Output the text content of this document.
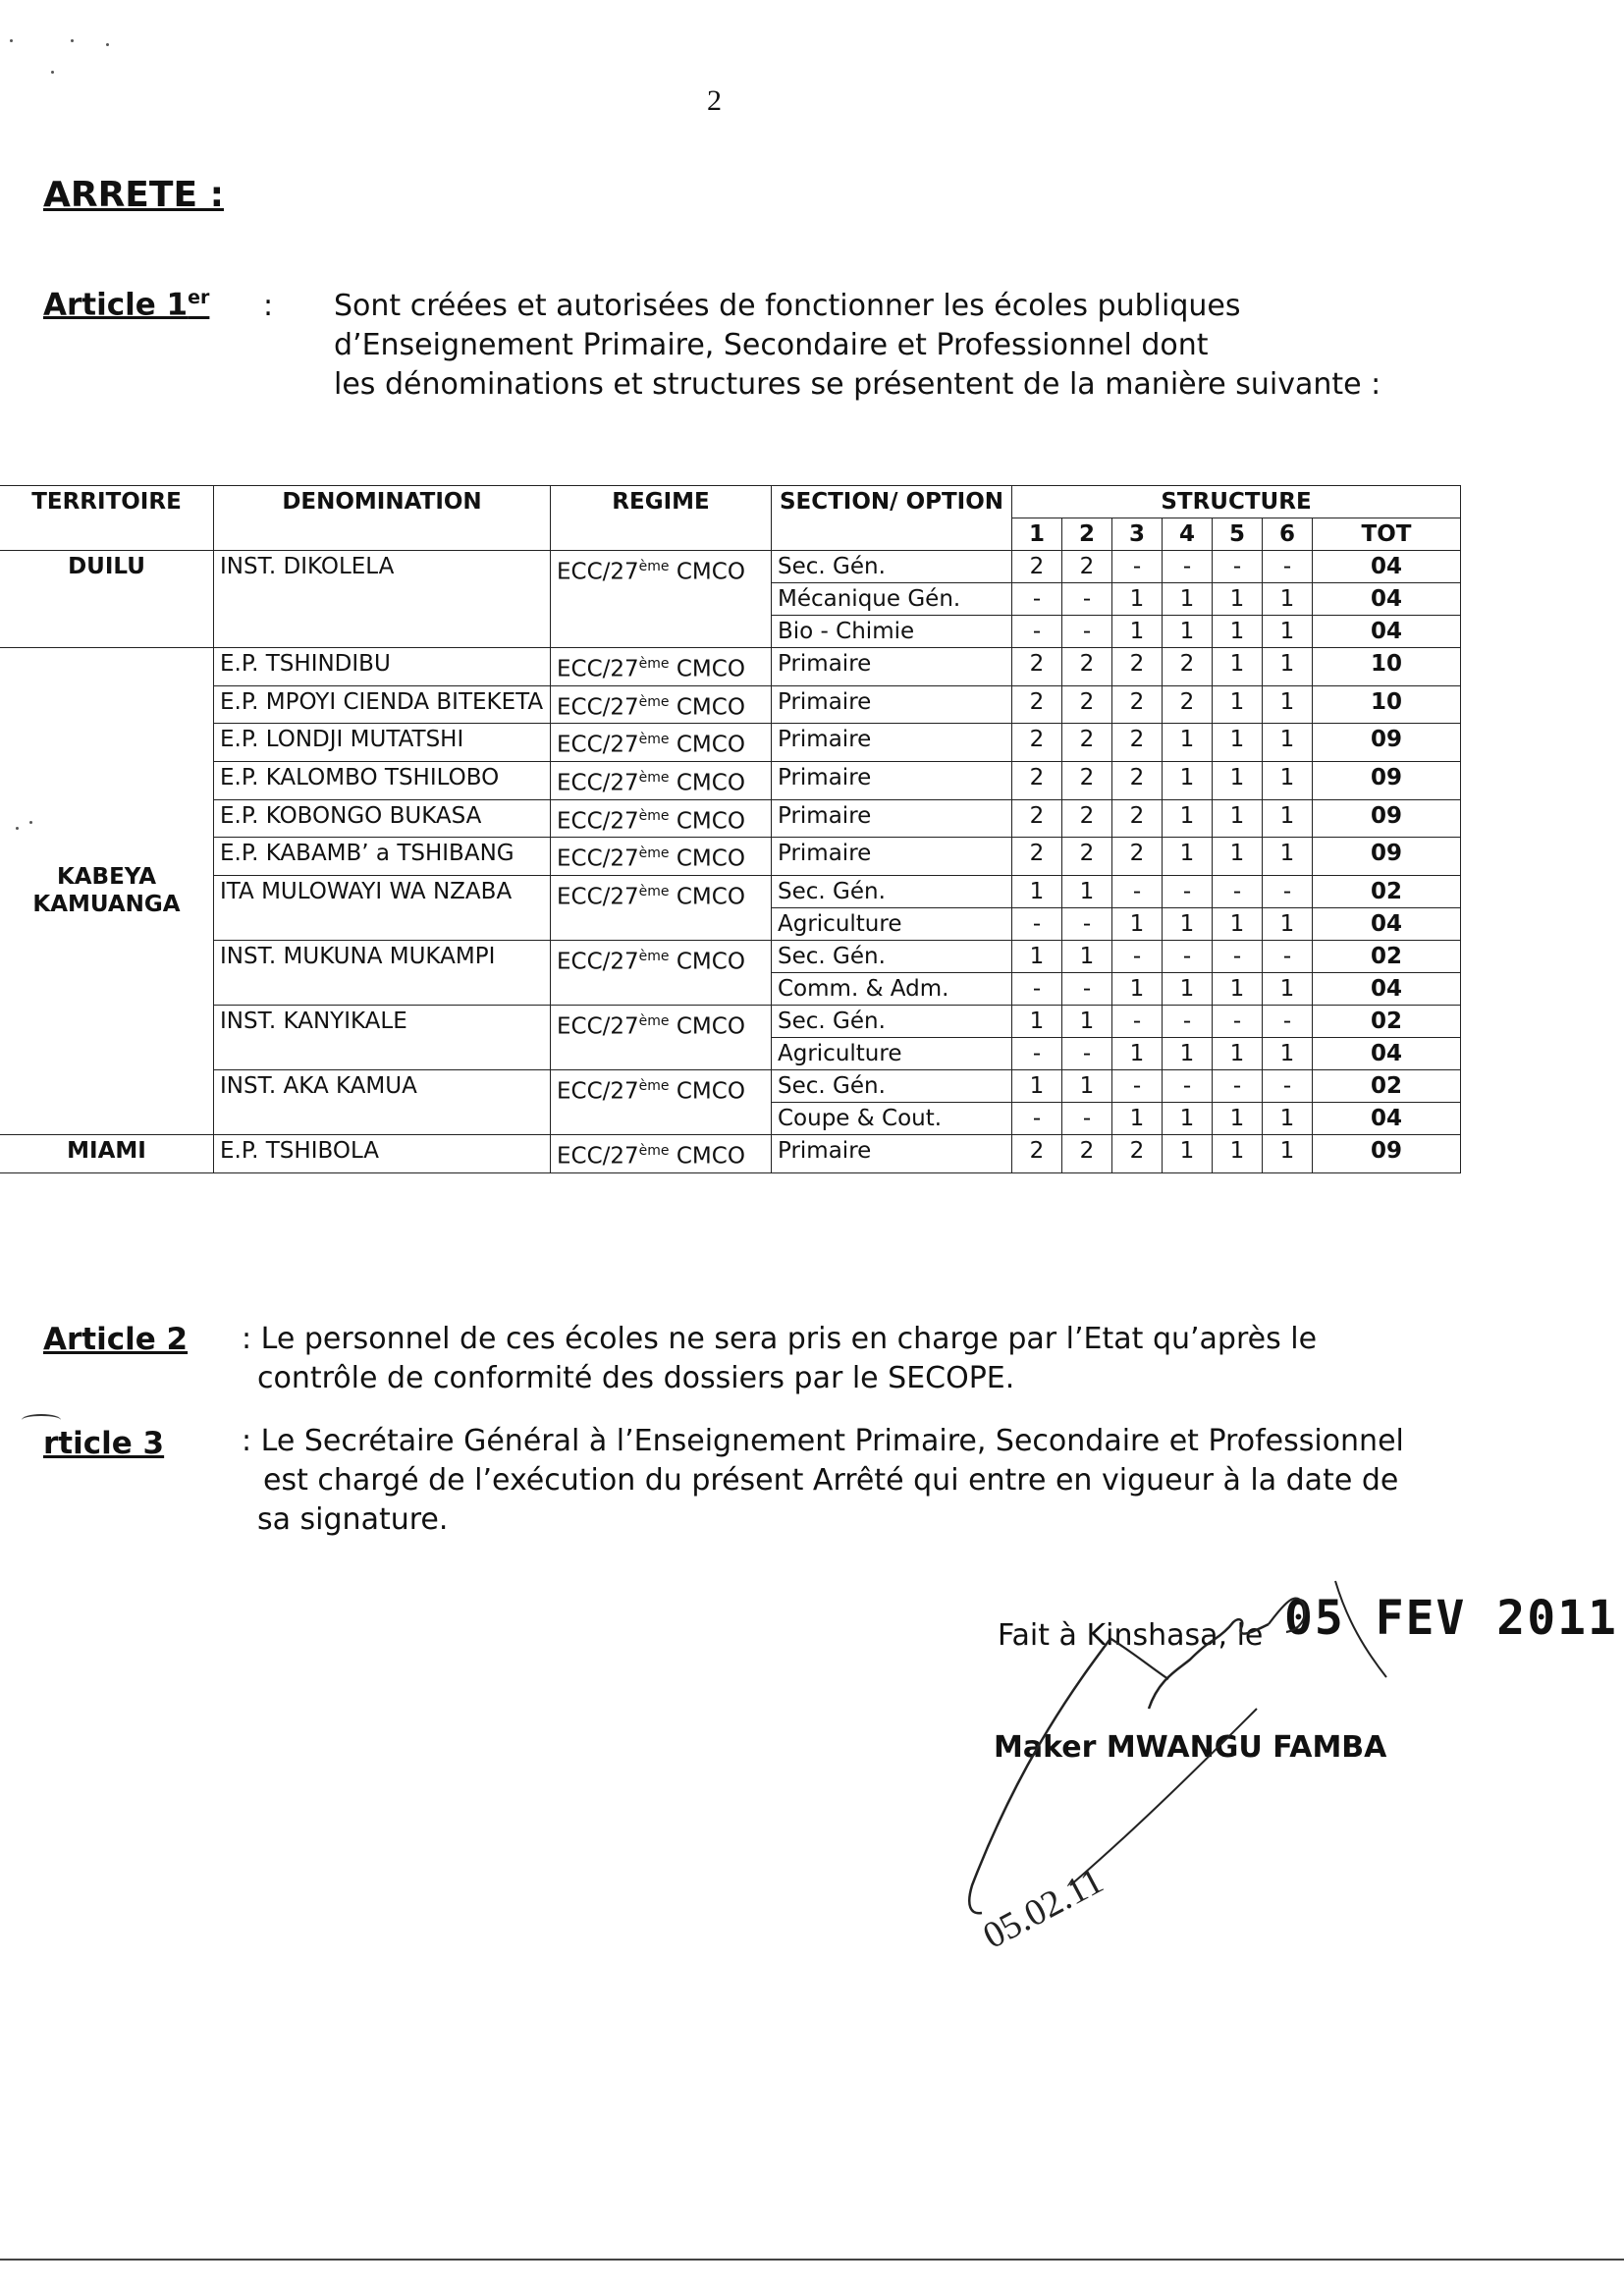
2
ARRETE :
Article 1er : Sont créées et autorisées de fonctionner les écoles publiques
d’Enseignement Primaire, Secondaire et Professionnel dont
les dénominations et structures se présentent de la manière suivante :
TERRITOIRE	DENOMINATION	REGIME	SECTION/ OPTION	STRUCTURE						
				1	2	3	4	5	6	TOT
DUILU	INST. DIKOLELA	ECC/27ème CMCO	Sec. Gén.	2	2	-	-	-	-	04
			Mécanique Gén.	-	-	1	1	1	1	04
			Bio - Chimie	-	-	1	1	1	1	04
KABEYA KAMUANGA	E.P. TSHINDIBU	ECC/27ème CMCO	Primaire	2	2	2	2	1	1	10
	E.P. MPOYI CIENDA BITEKETA	ECC/27ème CMCO	Primaire	2	2	2	2	1	1	10
	E.P. LONDJI MUTATSHI	ECC/27ème CMCO	Primaire	2	2	2	1	1	1	09
	E.P. KALOMBO TSHILOBO	ECC/27ème CMCO	Primaire	2	2	2	1	1	1	09
	E.P. KOBONGO BUKASA	ECC/27ème CMCO	Primaire	2	2	2	1	1	1	09
	E.P. KABAMB’ a TSHIBANG	ECC/27ème CMCO	Primaire	2	2	2	1	1	1	09
	ITA MULOWAYI WA NZABA	ECC/27ème CMCO	Sec. Gén.	1	1	-	-	-	-	02
			Agriculture	-	-	1	1	1	1	04
	INST. MUKUNA MUKAMPI	ECC/27ème CMCO	Sec. Gén.	1	1	-	-	-	-	02
			Comm. & Adm.	-	-	1	1	1	1	04
	INST. KANYIKALE	ECC/27ème CMCO	Sec. Gén.	1	1	-	-	-	-	02
			Agriculture	-	-	1	1	1	1	04
	INST. AKA KAMUA	ECC/27ème CMCO	Sec. Gén.	1	1	-	-	-	-	02
			Coupe & Cout.	-	-	1	1	1	1	04
MIAMI	E.P. TSHIBOLA	ECC/27ème CMCO	Primaire	2	2	2	1	1	1	09
Article 2 : Le personnel de ces écoles ne sera pris en charge par l’Etat qu’après le
contrôle de conformité des dossiers par le SECOPE.
rticle 3	: Le Secrétaire Général à l’Enseignement Primaire, Secondaire et Professionnel
est chargé de l’exécution du présent Arrêté qui entre en vigueur à la date de
sa signature.
Fait à Kinshasa, le 05 FEV 2011
Maker MWANGU FAMBA
05.02.11
